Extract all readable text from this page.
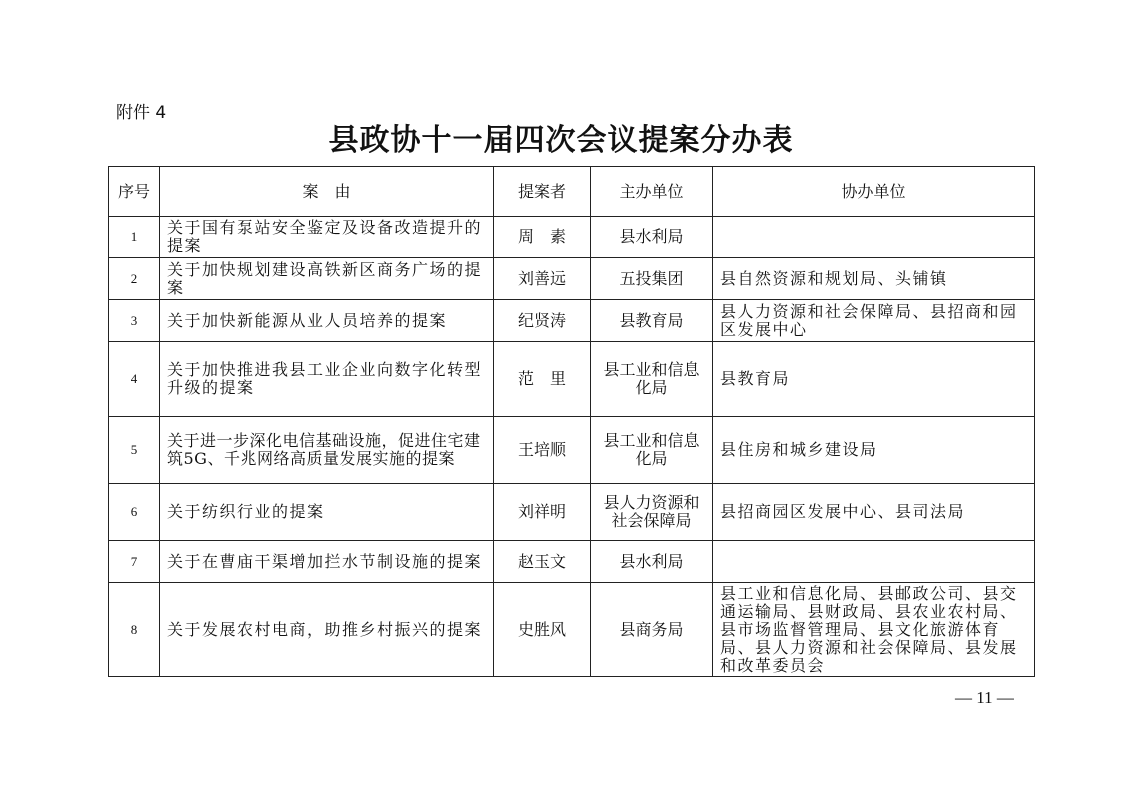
附件 4
县政协十一届四次会议提案分办表
序号	案　由	提案者	主办单位	协办单位
1	关于国有泵站安全鉴定及设备改造提升的提案	周　素	县水利局	
2	关于加快规划建设高铁新区商务广场的提案	刘善远	五投集团	县自然资源和规划局、头铺镇
3	关于加快新能源从业人员培养的提案	纪贤涛	县教育局	县人力资源和社会保障局、县招商和园区发展中心
4	关于加快推进我县工业企业向数字化转型升级的提案	范　里	县工业和信息化局	县教育局
5	关于进一步深化电信基础设施，促进住宅建筑5G、千兆网络高质量发展实施的提案	王培顺	县工业和信息化局	县住房和城乡建设局
6	关于纺织行业的提案	刘祥明	县人力资源和社会保障局	县招商园区发展中心、县司法局
7	关于在曹庙干渠增加拦水节制设施的提案	赵玉文	县水利局	
8	关于发展农村电商，助推乡村振兴的提案	史胜风	县商务局	县工业和信息化局、县邮政公司、县交通运输局、县财政局、县农业农村局、县市场监督管理局、县文化旅游体育局、县人力资源和社会保障局、县发展和改革委员会
— 11 —
